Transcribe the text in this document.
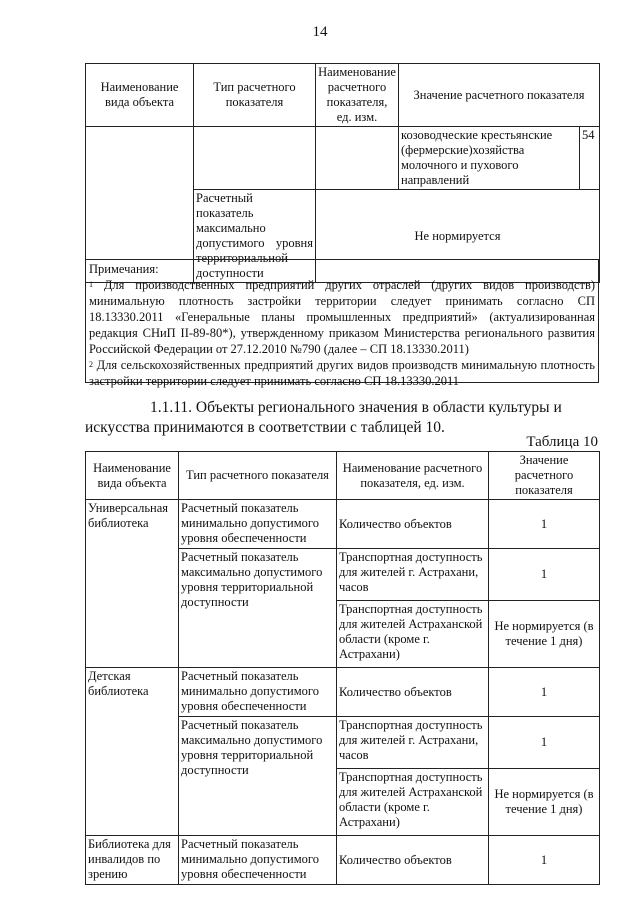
14
Наименование вида объекта	Тип расчетного показателя	Наименование расчетного показателя, ед. изм.	Значение расчетного показателя	
			козоводческие крестьянские (фермерские)хозяйства молочного и пухового направлений	54
	Расчетный показатель максимально допустимого уровня территориальной доступности	Не нормируется		

Примечания:

$^1$ Для производственных предприятий других отраслей (других видов производств) минимальную плотность застройки территории следует принимать согласно СП 18.13330.2011 «Генеральные планы промышленных предприятий» (актуализированная редакция СНиП II-89-80*), утвержденному приказом Министерства регионального развития Российской Федерации от 27.12.2010 №790 (далее – СП 18.13330.2011)

$^2$ Для сельскохозяйственных предприятий других видов производств минимальную плотность застройки территории следует принимать согласно СП 18.13330.2011

1.1.11. Объекты регионального значения в области культуры и
искусства принимаются в соответствии с таблицей 10.
Таблица 10
Наименование вида объекта	Тип расчетного показателя	Наименование расчетного показателя, ед. изм.	Значение расчетного показателя
Универсальная библиотека	Расчетный показатель минимально допустимого уровня обеспеченности	Количество объектов	1
	Расчетный показатель максимально допустимого уровня территориальной доступности	Транспортная доступность для жителей г. Астрахани, часов	1
		Транспортная доступность для жителей Астраханской области (кроме г. Астрахани)	Не нормируется (в течение 1 дня)
Детская библиотека	Расчетный показатель минимально допустимого уровня обеспеченности	Количество объектов	1
	Расчетный показатель максимально допустимого уровня территориальной доступности	Транспортная доступность для жителей г. Астрахани, часов	1
		Транспортная доступность для жителей Астраханской области (кроме г. Астрахани)	Не нормируется (в течение 1 дня)
Библиотека для инвалидов по зрению	Расчетный показатель минимально допустимого уровня обеспеченности	Количество объектов	1
